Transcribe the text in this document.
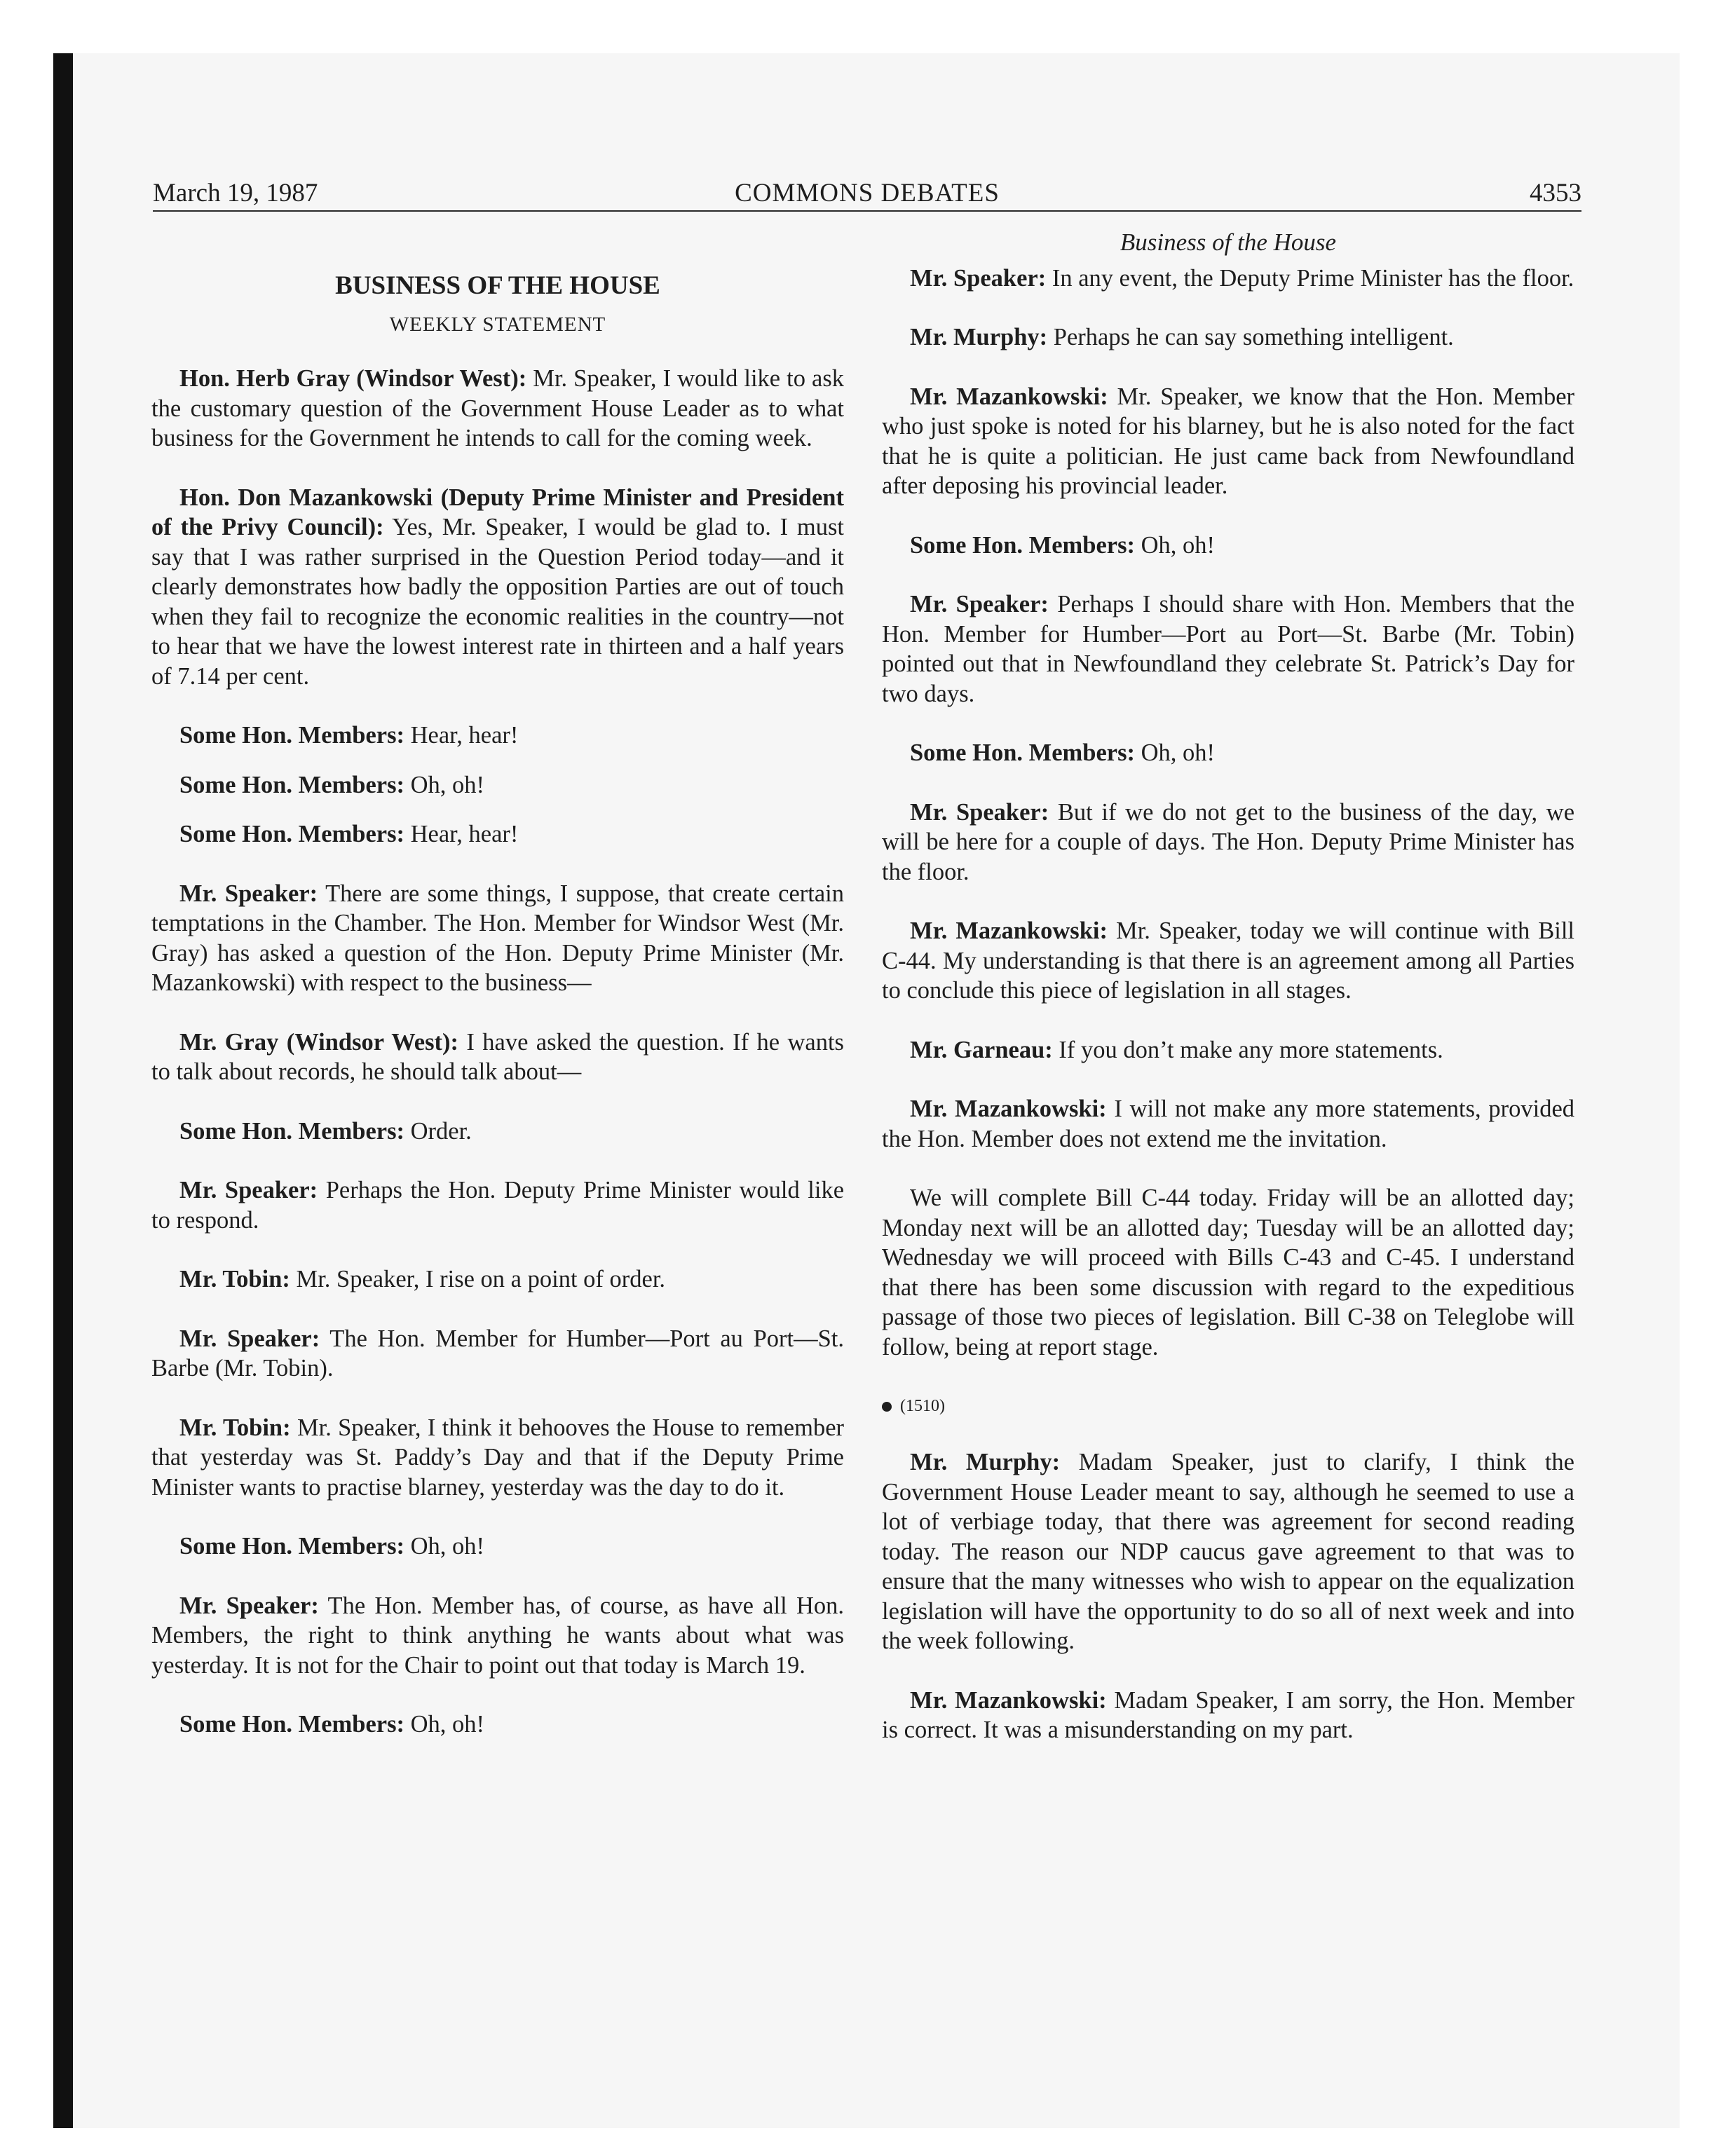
March 19, 1987	COMMONS DEBATES	4353
BUSINESS OF THE HOUSE
WEEKLY STATEMENT

Hon. Herb Gray (Windsor West): Mr. Speaker, I would like to ask the customary question of the Government House Leader as to what business for the Government he intends to call for the coming week.

Hon. Don Mazankowski (Deputy Prime Minister and President of the Privy Council): Yes, Mr. Speaker, I would be glad to. I must say that I was rather surprised in the Question Period today—and it clearly demonstrates how badly the opposition Parties are out of touch when they fail to recognize the economic realities in the country—not to hear that we have the lowest interest rate in thirteen and a half years of 7.14 per cent.

Some Hon. Members: Hear, hear!

Some Hon. Members: Oh, oh!

Some Hon. Members: Hear, hear!

Mr. Speaker: There are some things, I suppose, that create certain temptations in the Chamber. The Hon. Member for Windsor West (Mr. Gray) has asked a question of the Hon. Deputy Prime Minister (Mr. Mazankowski) with respect to the business—

Mr. Gray (Windsor West): I have asked the question. If he wants to talk about records, he should talk about—

Some Hon. Members: Order.

Mr. Speaker: Perhaps the Hon. Deputy Prime Minister would like to respond.

Mr. Tobin: Mr. Speaker, I rise on a point of order.

Mr. Speaker: The Hon. Member for Humber—Port au Port—St. Barbe (Mr. Tobin).

Mr. Tobin: Mr. Speaker, I think it behooves the House to remember that yesterday was St. Paddy’s Day and that if the Deputy Prime Minister wants to practise blarney, yesterday was the day to do it.

Some Hon. Members: Oh, oh!

Mr. Speaker: The Hon. Member has, of course, as have all Hon. Members, the right to think anything he wants about what was yesterday. It is not for the Chair to point out that today is March 19.

Some Hon. Members: Oh, oh!

Business of the House

Mr. Speaker: In any event, the Deputy Prime Minister has the floor.

Mr. Murphy: Perhaps he can say something intelligent.

Mr. Mazankowski: Mr. Speaker, we know that the Hon. Member who just spoke is noted for his blarney, but he is also noted for the fact that he is quite a politician. He just came back from Newfoundland after deposing his provincial leader.

Some Hon. Members: Oh, oh!

Mr. Speaker: Perhaps I should share with Hon. Members that the Hon. Member for Humber—Port au Port—St. Barbe (Mr. Tobin) pointed out that in Newfoundland they celebrate St. Patrick’s Day for two days.

Some Hon. Members: Oh, oh!

Mr. Speaker: But if we do not get to the business of the day, we will be here for a couple of days. The Hon. Deputy Prime Minister has the floor.

Mr. Mazankowski: Mr. Speaker, today we will continue with Bill C-44. My understanding is that there is an agreement among all Parties to conclude this piece of legislation in all stages.

Mr. Garneau: If you don’t make any more statements.

Mr. Mazankowski: I will not make any more statements, provided the Hon. Member does not extend me the invitation.

We will complete Bill C-44 today. Friday will be an allotted day; Monday next will be an allotted day; Tuesday will be an allotted day; Wednesday we will proceed with Bills C-43 and C-45. I understand that there has been some discussion with regard to the expeditious passage of those two pieces of legislation. Bill C-38 on Teleglobe will follow, being at report stage.

(1510)

Mr. Murphy: Madam Speaker, just to clarify, I think the Government House Leader meant to say, although he seemed to use a lot of verbiage today, that there was agreement for second reading today. The reason our NDP caucus gave agreement to that was to ensure that the many witnesses who wish to appear on the equalization legislation will have the opportunity to do so all of next week and into the week following.

Mr. Mazankowski: Madam Speaker, I am sorry, the Hon. Member is correct. It was a misunderstanding on my part.
